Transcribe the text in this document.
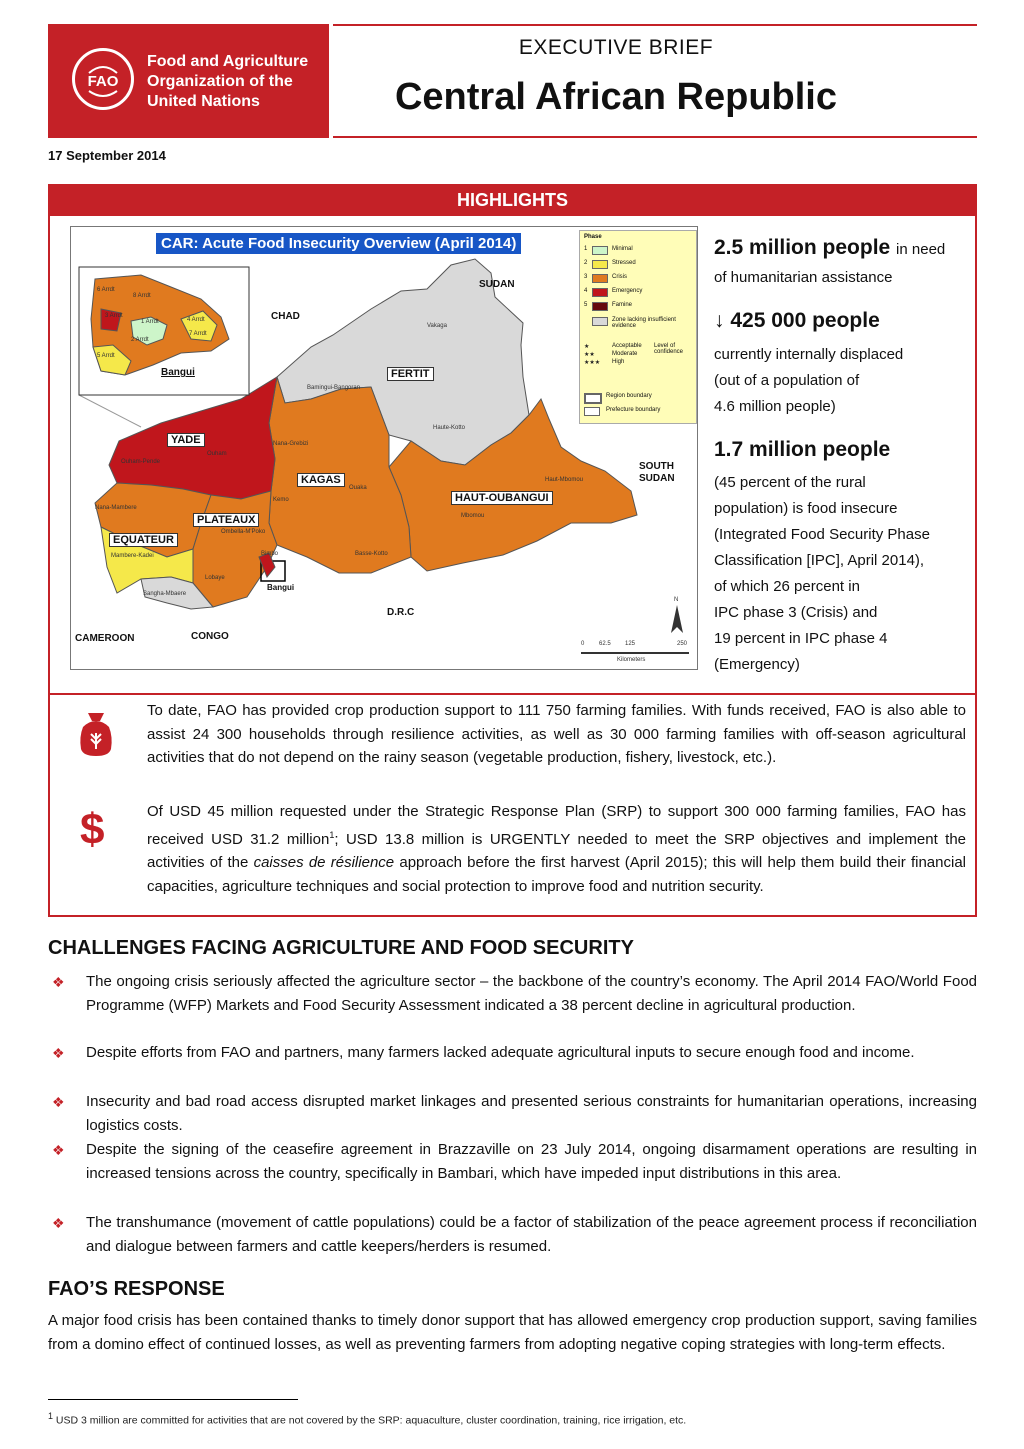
FAO
Food and Agriculture
Organization of the
United Nations
EXECUTIVE BRIEF
Central African Republic
17 September 2014
HIGHLIGHTS
CAR: Acute Food Insecurity Overview (April 2014)
SUDAN
CHAD
SOUTH
SUDAN
D.R.C
CAMEROON	CONGO
FERTIT
YADE
KAGAS
HAUT-OUBANGUI
PLATEAUX
EQUATEUR
Vakaga
Bamingui-Bangoran
Haute-Kotto
Nana-Grebizi
Ouham-Pende
Ouham
Kemo
Ouaka
Mbomou
Haut-Mbomou
Basse-Kotto
Ombella-M'Poko
Lobaye
Mambere-Kadei
Nana-Mambere
Sangha-Mbaere
Bangui
Bimbo
Bangui
6 Arrdt
8 Arrdt
3 Arrdt
1 Arrdt
2 Arrdt
4 Arrdt
5 Arrdt
7 Arrdt
Phase
1	Minimal
2	Stressed
3	Crisis
4	Emergency
5	Famine
Zone lacking insufficient evidence
Level of confidence
★	Acceptable
★★	Moderate
★★★ High
Region boundary
Prefecture boundary
0 62.5 125	250
Kilometers
N
2.5 million people in need
of humanitarian assistance
↓ 425 000 people
currently internally displaced
(out of a population of
4.6 million people)
1.7 million people
(45 percent of the rural
population) is food insecure
(Integrated Food Security Phase
Classification [IPC], April 2014),
of which 26 percent in
IPC phase 3 (Crisis) and
19 percent in IPC phase 4
(Emergency)
To date, FAO has provided crop production support to 111 750 farming families. With funds received, FAO is also able to assist 24 300 households through resilience activities, as well as 30 000 farming families with off-season agricultural activities that do not depend on the rainy season (vegetable production, fishery, livestock, etc.).
$	Of USD 45 million requested under the Strategic Response Plan (SRP) to support 300 000 farming families, FAO has received USD 31.2 million$^1$; USD 13.8 million is URGENTLY needed to meet the SRP objectives and implement the activities of the caisses de résilience approach before the first harvest (April 2015); this will help them build their financial capacities, agriculture techniques and social protection to improve food and nutrition security.
CHALLENGES FACING AGRICULTURE AND FOOD SECURITY
❖ The ongoing crisis seriously affected the agriculture sector – the backbone of the country’s economy. The April 2014 FAO/World Food Programme (WFP) Markets and Food Security Assessment indicated a 38 percent decline in agricultural production.
❖ Despite efforts from FAO and partners, many farmers lacked adequate agricultural inputs to secure enough food and income.
❖ Insecurity and bad road access disrupted market linkages and presented serious constraints for humanitarian operations, increasing logistics costs.
❖ Despite the signing of the ceasefire agreement in Brazzaville on 23 July 2014, ongoing disarmament operations are resulting in increased tensions across the country, specifically in Bambari, which have impeded input distributions in this area.
❖ The transhumance (movement of cattle populations) could be a factor of stabilization of the peace agreement process if reconciliation and dialogue between farmers and cattle keepers/herders is resumed.
FAO’S RESPONSE
A major food crisis has been contained thanks to timely donor support that has allowed emergency crop production support, saving families from a domino effect of continued losses, as well as preventing farmers from adopting negative coping strategies with long-term effects.
$^1$ USD 3 million are committed for activities that are not covered by the SRP: aquaculture, cluster coordination, training, rice irrigation, etc.
